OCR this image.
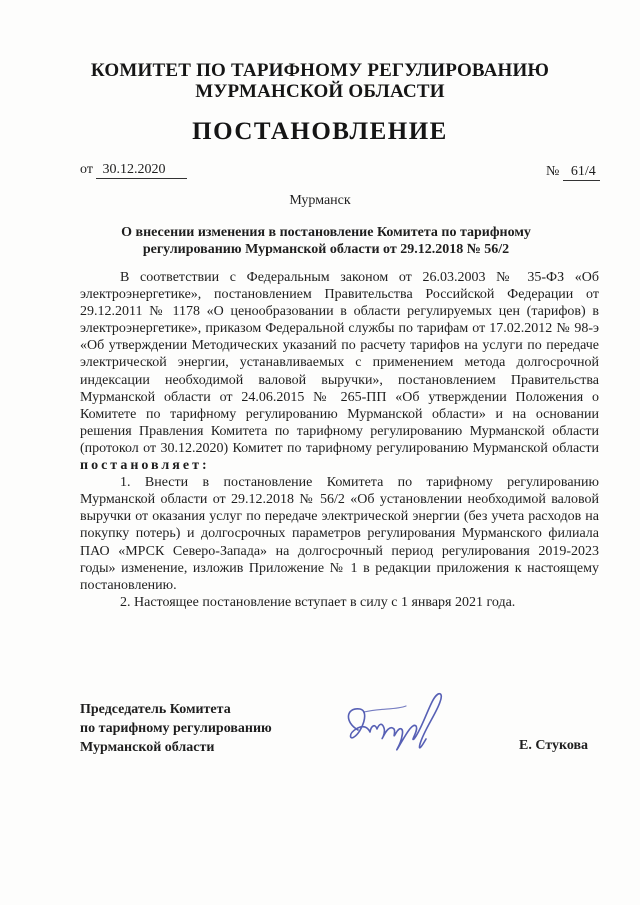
КОМИТЕТ ПО ТАРИФНОМУ РЕГУЛИРОВАНИЮ
МУРМАНСКОЙ ОБЛАСТИ
ПОСТАНОВЛЕНИЕ
от 30.12.2020	№ 61/4
Мурманск
О внесении изменения в постановление Комитета по тарифному
регулированию Мурманской области от 29.12.2018 № 56/2

В соответствии с Федеральным законом от 26.03.2003 № 35-ФЗ «Об электроэнергетике», постановлением Правительства Российской Федерации от 29.12.2011 № 1178 «О ценообразовании в области регулируемых цен (тарифов) в электроэнергетике», приказом Федеральной службы по тарифам от 17.02.2012 № 98-э «Об утверждении Методических указаний по расчету тарифов на услуги по передаче электрической энергии, устанавливаемых с применением метода долгосрочной индексации необходимой валовой выручки», постановлением Правительства Мурманской области от 24.06.2015 № 265-ПП «Об утверждении Положения о Комитете по тарифному регулированию Мурманской области» и на основании решения Правления Комитета по тарифному регулированию Мурманской области (протокол от 30.12.2020) Комитет по тарифному регулированию Мурманской области постановляет:

1. Внести в постановление Комитета по тарифному регулированию Мурманской области от 29.12.2018 № 56/2 «Об установлении необходимой валовой выручки от оказания услуг по передаче электрической энергии (без учета расходов на покупку потерь) и долгосрочных параметров регулирования Мурманского филиала ПАО «МРСК Северо-Запада» на долгосрочный период регулирования 2019-2023 годы» изменение, изложив Приложение № 1 в редакции приложения к настоящему постановлению.

2. Настоящее постановление вступает в силу с 1 января 2021 года.

Председатель Комитета
по тарифному регулированию
Мурманской области	Е. Стукова
